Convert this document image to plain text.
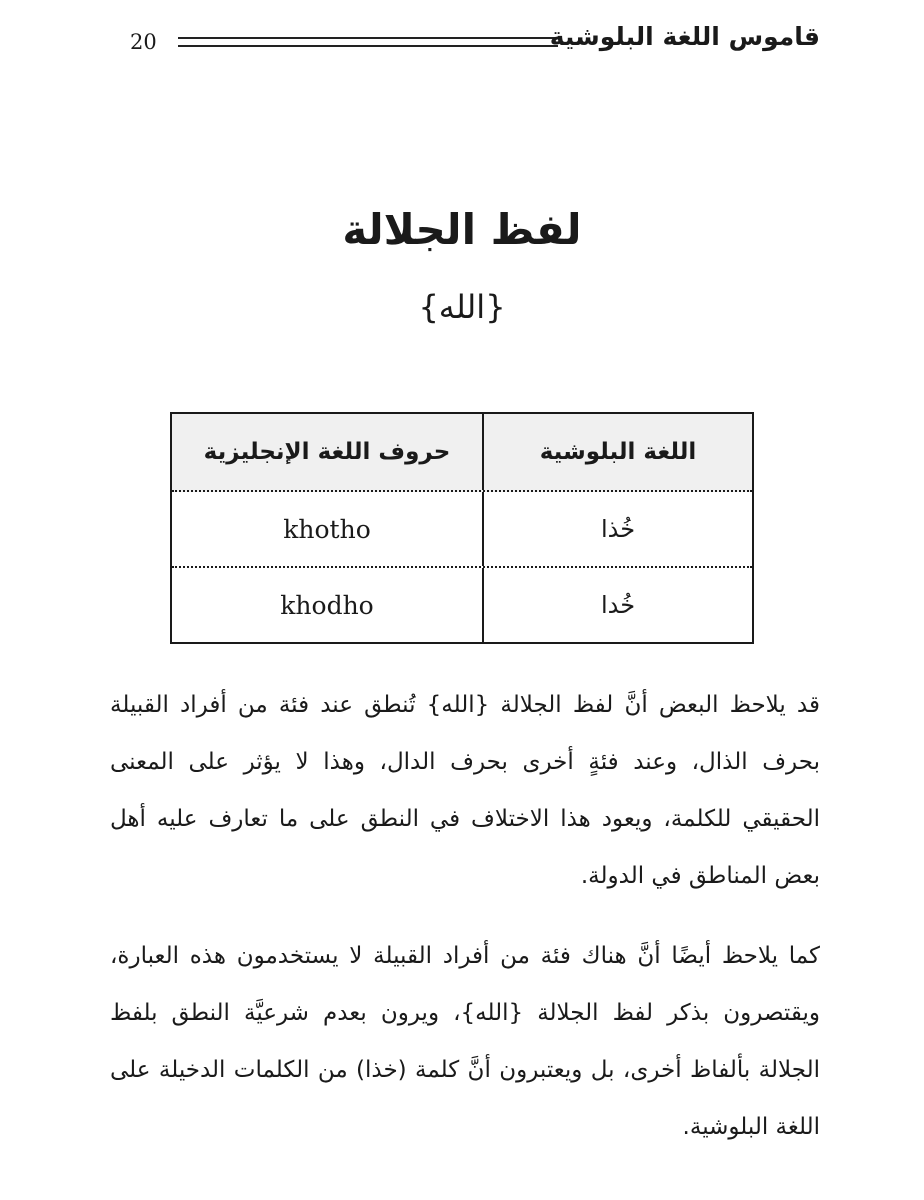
20	قاموس اللغة البلوشية
لفظ الجلالة
{الله}
اللغة البلوشية
حروف اللغة الإنجليزية
خُذا
khotho
خُدا
khodho

قد يلاحظ البعض أنَّ لفظ الجلالة {الله} تُنطق عند فئة من أفراد القبيلة بحرف الذال، وعند فئةٍ أخرى بحرف الدال، وهذا لا يؤثر على المعنى الحقيقي للكلمة، ويعود هذا الاختلاف في النطق على ما تعارف عليه أهل بعض المناطق في الدولة.

كما يلاحظ أيضًا أنَّ هناك فئة من أفراد القبيلة لا يستخدمون هذه العبارة، ويقتصرون بذكر لفظ الجلالة {الله}، ويرون بعدم شرعيَّة النطق بلفظ الجلالة بألفاظ أخرى، بل ويعتبرون أنَّ كلمة (خذا) من الكلمات الدخيلة على اللغة البلوشية.
